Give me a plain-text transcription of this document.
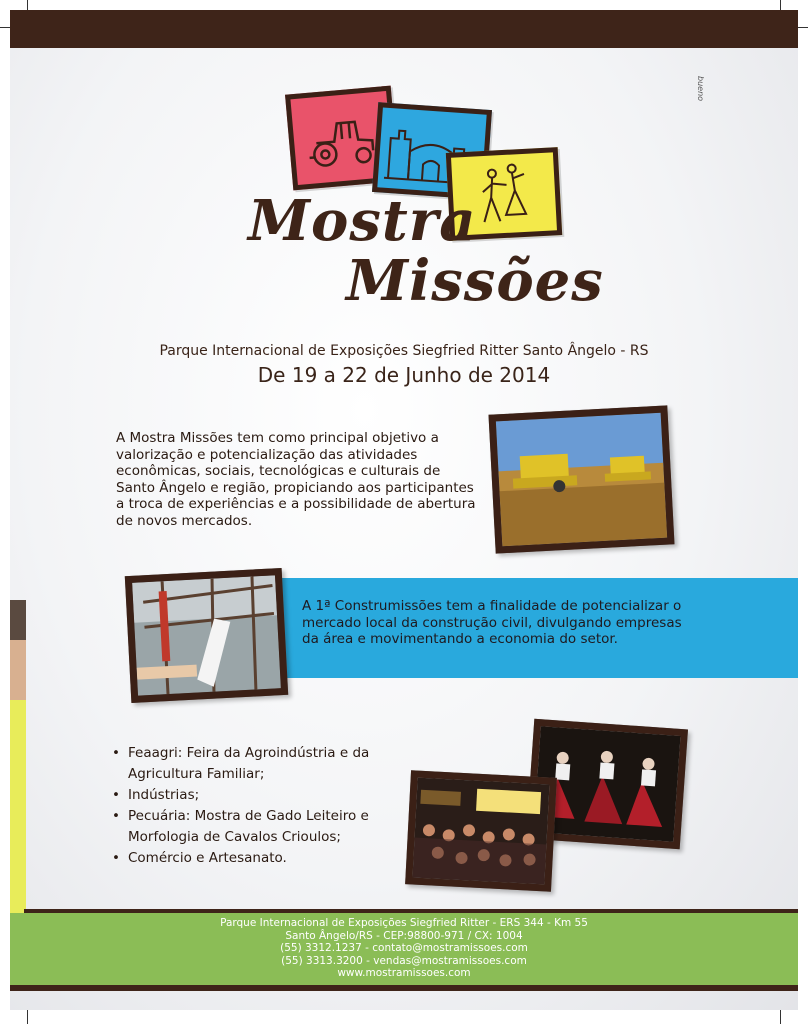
bueno
Mostra
Missões
Parque Internacional de Exposições Siegfried Ritter Santo Ângelo - RS
De 19 a 22 de Junho de 2014
A Mostra Missões tem como principal objetivo a valorização e potencialização das atividades econômicas, sociais, tecnológicas e culturais de Santo Ângelo e região, propiciando aos participantes a troca de experiências e a possibilidade de abertura de novos mercados.
A 1ª Construmissões tem a finalidade de potencializar o mercado local da construção civil, divulgando empresas da área e movimentando a economia do setor.
• Feaagri: Feira da Agroindústria e da Agricultura Familiar;
• Indústrias;
• Pecuária: Mostra de Gado Leiteiro e Morfologia de Cavalos Crioulos;
• Comércio e Artesanato.
Parque Internacional de Exposições Siegfried Ritter - ERS 344 - Km 55
Santo Ângelo/RS - CEP:98800-971 / CX: 1004
(55) 3312.1237 - contato@mostramissoes.com
(55) 3313.3200 - vendas@mostramissoes.com
www.mostramissoes.com
